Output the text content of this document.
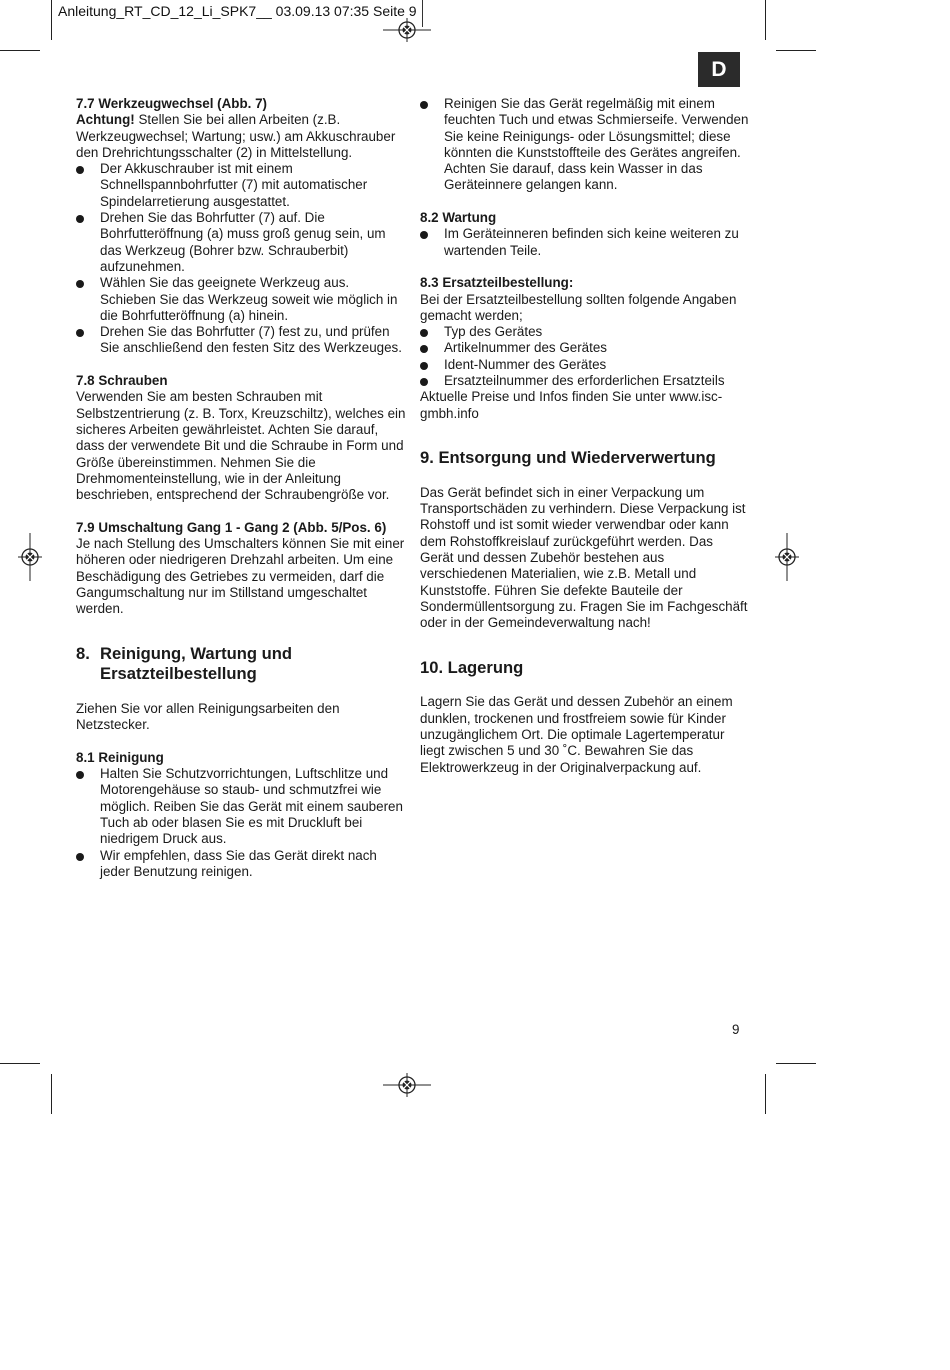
Anleitung_RT_CD_12_Li_SPK7__ 03.09.13 07:35 Seite 9
D

7.7 Werkzeugwechsel (Abb. 7)

Achtung! Stellen Sie bei allen Arbeiten (z.B. Werkzeugwechsel; Wartung; usw.) am Akkuschrauber den Drehrichtungsschalter (2) in Mittelstellung.

Der Akkuschrauber ist mit einem Schnellspannbohrfutter (7) mit automatischer Spindelarretierung ausgestattet.
Drehen Sie das Bohrfutter (7) auf. Die Bohrfutteröffnung (a) muss groß genug sein, um das Werkzeug (Bohrer bzw. Schrauberbit) aufzunehmen.
Wählen Sie das geeignete Werkzeug aus. Schieben Sie das Werkzeug soweit wie möglich in die Bohrfutteröffnung (a) hinein.
Drehen Sie das Bohrfutter (7) fest zu, und prüfen Sie anschließend den festen Sitz des Werkzeuges.

7.8 Schrauben

Verwenden Sie am besten Schrauben mit Selbstzentrierung (z. B. Torx, Kreuzschiltz), welches ein sicheres Arbeiten gewährleistet. Achten Sie darauf, dass der verwendete Bit und die Schraube in Form und Größe übereinstimmen. Nehmen Sie die Drehmomenteinstellung, wie in der Anleitung beschrieben, entsprechend der Schraubengröße vor.

7.9 Umschaltung Gang 1 - Gang 2 (Abb. 5/Pos. 6)

Je nach Stellung des Umschalters können Sie mit einer höheren oder niedrigeren Drehzahl arbeiten. Um eine Beschädigung des Getriebes zu vermeiden, darf die Gangumschaltung nur im Stillstand umgeschaltet werden.

8. Reinigung, Wartung und Ersatzteilbestellung

Ziehen Sie vor allen Reinigungsarbeiten den Netzstecker.

8.1 Reinigung

Halten Sie Schutzvorrichtungen, Luftschlitze und Motorengehäuse so staub- und schmutzfrei wie möglich. Reiben Sie das Gerät mit einem sauberen Tuch ab oder blasen Sie es mit Druckluft bei niedrigem Druck aus.
Wir empfehlen, dass Sie das Gerät direkt nach jeder Benutzung reinigen.
Reinigen Sie das Gerät regelmäßig mit einem feuchten Tuch und etwas Schmierseife. Verwenden Sie keine Reinigungs- oder Lösungsmittel; diese könnten die Kunststoffteile des Gerätes angreifen. Achten Sie darauf, dass kein Wasser in das Geräteinnere gelangen kann.

8.2 Wartung

Im Geräteinneren befinden sich keine weiteren zu wartenden Teile.

8.3 Ersatzteilbestellung:

Bei der Ersatzteilbestellung sollten folgende Angaben gemacht werden;

Typ des Gerätes
Artikelnummer des Gerätes
Ident-Nummer des Gerätes
Ersatzteilnummer des erforderlichen Ersatzteils

Aktuelle Preise und Infos finden Sie unter www.isc-gmbh.info

9. Entsorgung und Wiederverwertung

Das Gerät befindet sich in einer Verpackung um Transportschäden zu verhindern. Diese Verpackung ist Rohstoff und ist somit wieder verwendbar oder kann dem Rohstoffkreislauf zurückgeführt werden. Das Gerät und dessen Zubehör bestehen aus verschiedenen Materialien, wie z.B. Metall und Kunststoffe. Führen Sie defekte Bauteile der Sondermüllentsorgung zu. Fragen Sie im Fachgeschäft oder in der Gemeindeverwaltung nach!

10. Lagerung

Lagern Sie das Gerät und dessen Zubehör an einem dunklen, trockenen und frostfreiem sowie für Kinder unzugänglichem Ort. Die optimale Lagertemperatur liegt zwischen 5 und 30 ˚C. Bewahren Sie das Elektrowerkzeug in der Originalverpackung auf.

9
